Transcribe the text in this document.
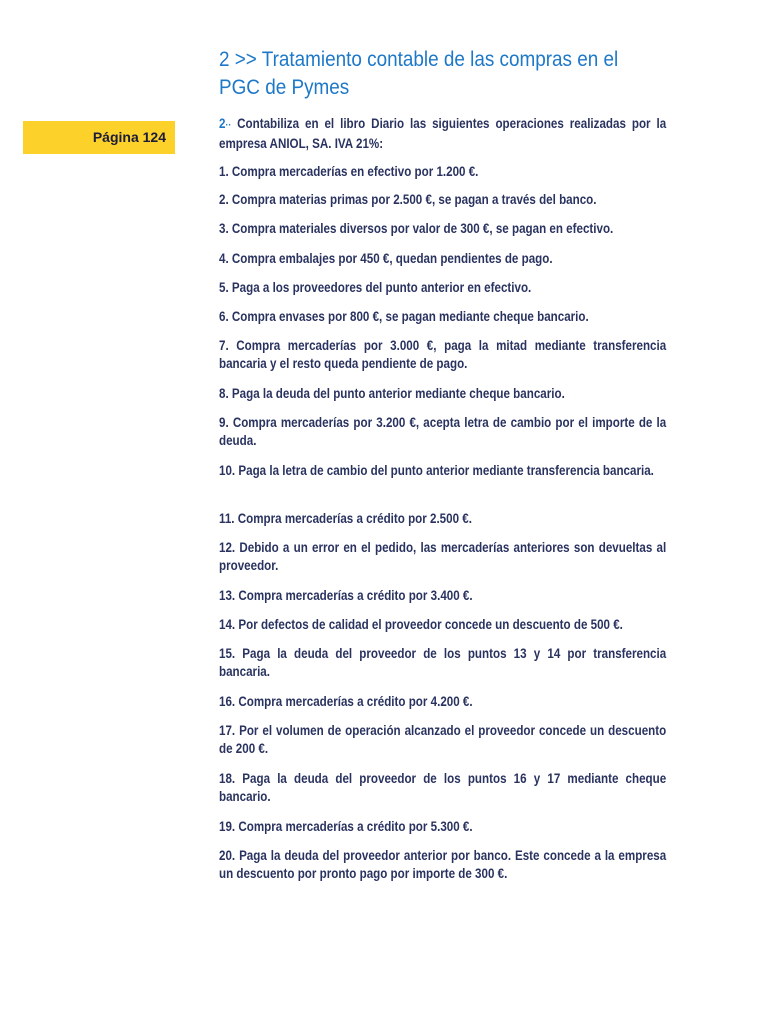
2 >> Tratamiento contable de las compras en el PGC de Pymes
Página 124

2·· Contabiliza en el libro Diario las siguientes operaciones realizadas por la empresa ANIOL, SA. IVA 21%:

1. Compra mercaderías en efectivo por 1.200 €.

2. Compra materias primas por 2.500 €, se pagan a través del banco.

3. Compra materiales diversos por valor de 300 €, se pagan en efectivo.

4. Compra embalajes por 450 €, quedan pendientes de pago.

5. Paga a los proveedores del punto anterior en efectivo.

6. Compra envases por 800 €, se pagan mediante cheque bancario.

7. Compra mercaderías por 3.000 €, paga la mitad mediante transferencia bancaria y el resto queda pendiente de pago.

8. Paga la deuda del punto anterior mediante cheque bancario.

9. Compra mercaderías por 3.200 €, acepta letra de cambio por el importe de la deuda.

10. Paga la letra de cambio del punto anterior mediante transferencia bancaria.

11. Compra mercaderías a crédito por 2.500 €.

12. Debido a un error en el pedido, las mercaderías anteriores son devueltas al proveedor.

13. Compra mercaderías a crédito por 3.400 €.

14. Por defectos de calidad el proveedor concede un descuento de 500 €.

15. Paga la deuda del proveedor de los puntos 13 y 14 por transferencia bancaria.

16. Compra mercaderías a crédito por 4.200 €.

17. Por el volumen de operación alcanzado el proveedor concede un descuento de 200 €.

18. Paga la deuda del proveedor de los puntos 16 y 17 mediante cheque bancario.

19. Compra mercaderías a crédito por 5.300 €.

20. Paga la deuda del proveedor anterior por banco. Este concede a la empresa un descuento por pronto pago por importe de 300 €.
